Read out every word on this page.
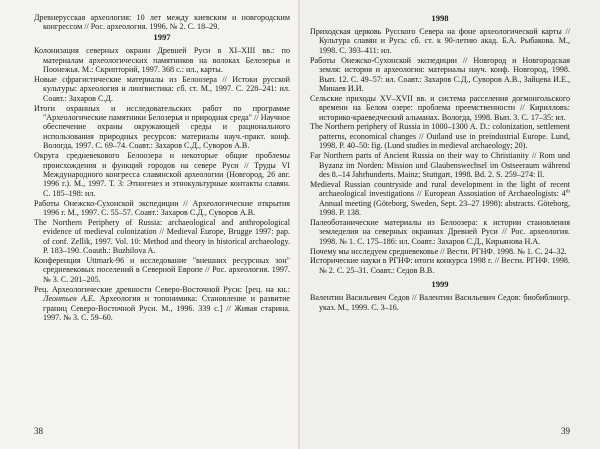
Древнерусская археология: 10 лет между киевским и новгородским конгрессом // Рос. археология. 1996. № 2. С. 18–29.
1997
Колонизация северных окраин Древней Руси в XI–XIII вв.: по материалам археологических памятников на волоках Белозерья и Поонежья. М.: Скрипторий, 1997. 368 с.: ил., карты.
Новые сфрагистические материалы из Белоозера // Истоки русской культуры: археология и лингвистика: сб. ст. М., 1997. С. 228–241: ил. Соавт.: Захаров С.Д.
Итоги охранных и исследовательских работ по программе "Археологические памятники Белозерья и природная среда" // Научное обеспечение охраны окружающей среды и рационального использования природных ресурсов: материалы науч.-практ. конф. Вологда, 1997. С. 69–74. Соавт.: Захаров С.Д., Суворов А.В.
Округа средневекового Белоозера и некоторые общие проблемы происхождения и функций городов на севере Руси // Труды VI Международного конгресса славянской археологии (Новгород, 26 авг. 1996 г.). М., 1997. Т. 3: Этногенез и этнокультурные контакты славян. С. 185–198: ил.
Работы Онежско-Сухонской экспедиции // Археологические открытия 1996 г. М., 1997. С. 55–57. Соавт.: Захаров С.Д., Суворов А.В.
The Northern Periphery of Russia: archaeological and anthropological evidence of medieval colonization // Medieval Europe, Brugge 1997: pap. of conf. Zellik, 1997. Vol. 10: Method and theory in historical archaeology. P. 183–190. Coauth.: Buzhilova A.
Конференция Uttmark-96 и исследование "внешних ресурсных зон" средневековых поселений в Северной Европе // Рос. археология. 1997. № 3. С. 201–205.
Рец. Археологические древности Северо-Восточной Руси: [рец. на кн.: Леонтьев А.Е. Археология и топонимика: Становление и развитие границ Северо-Восточной Руси. М., 1996. 339 с.] // Живая старина. 1997. № 3. С. 59–60.
38
1998
Приходская церковь Русского Севера на фоне археологической карты // Культура славян и Русь: сб. ст. к 90-летию акад. Б.А. Рыбакова. М., 1998. С. 393–411: ил.
Работы Онежско-Сухонской экспедиции // Новгород и Новгородская земля: история и археология: материалы науч. конф. Новгород, 1998. Вып. 12. С. 49–57: ил. Соавт.: Захаров С.Д., Суворов А.В., Зайцева И.Е., Минаев И.И.
Сельские приходы XV–XVII вв. и система расселения догмонгольского времени на Белом озере: проблема преемственности // Кирилловъ: историко-краеведческий альманах. Вологда, 1998. Вып. 3. С. 17–35: ил.
The Northern periphery of Russia in 1000–1300 A. D.: colonization, settlement patterns, economical changes // Outland use in preindustrial Europe. Lund, 1998. P. 40–50: fig. (Lund studies in medieval archaeology; 20).
Far Northern parts of Ancient Russia on their way to Christianity // Rom und Byzanz im Norden: Mission und Glaubenswechsel im Ostseeraum während des 8.–14 Jahrhunderts. Mainz; Stuttgart, 1998. Bd. 2. S. 259–274: Il.
Medieval Russian countryside and rural development in the light of recent archaeological investigations // European Assosiation of Archaeologists: 4th Annual meeting (Göteborg, Sweden, Sept. 23–27 1998): abstracts. Göteborg, 1998. P. 138.
Палеоботанические материалы из Белоозера: к истории становления земледелия на северных окраинах Древней Руси // Рос. археология. 1998. № 1. С. 175–186: ил. Соавт.: Захаров С.Д., Кирьянова Н.А.
Почему мы исследуем средневековье // Вести. РГНФ. 1998. № 1. С. 24–32.
Исторические науки в РГНФ: итоги конкурса 1998 г. // Вести. РГНФ. 1998. № 2. С. 25–31. Соавт.: Седов В.В.
1999
Валентин Васильевич Седов // Валентин Васильевич Седов: биобиблиогр. указ. М., 1999. С. 3–16.
39
